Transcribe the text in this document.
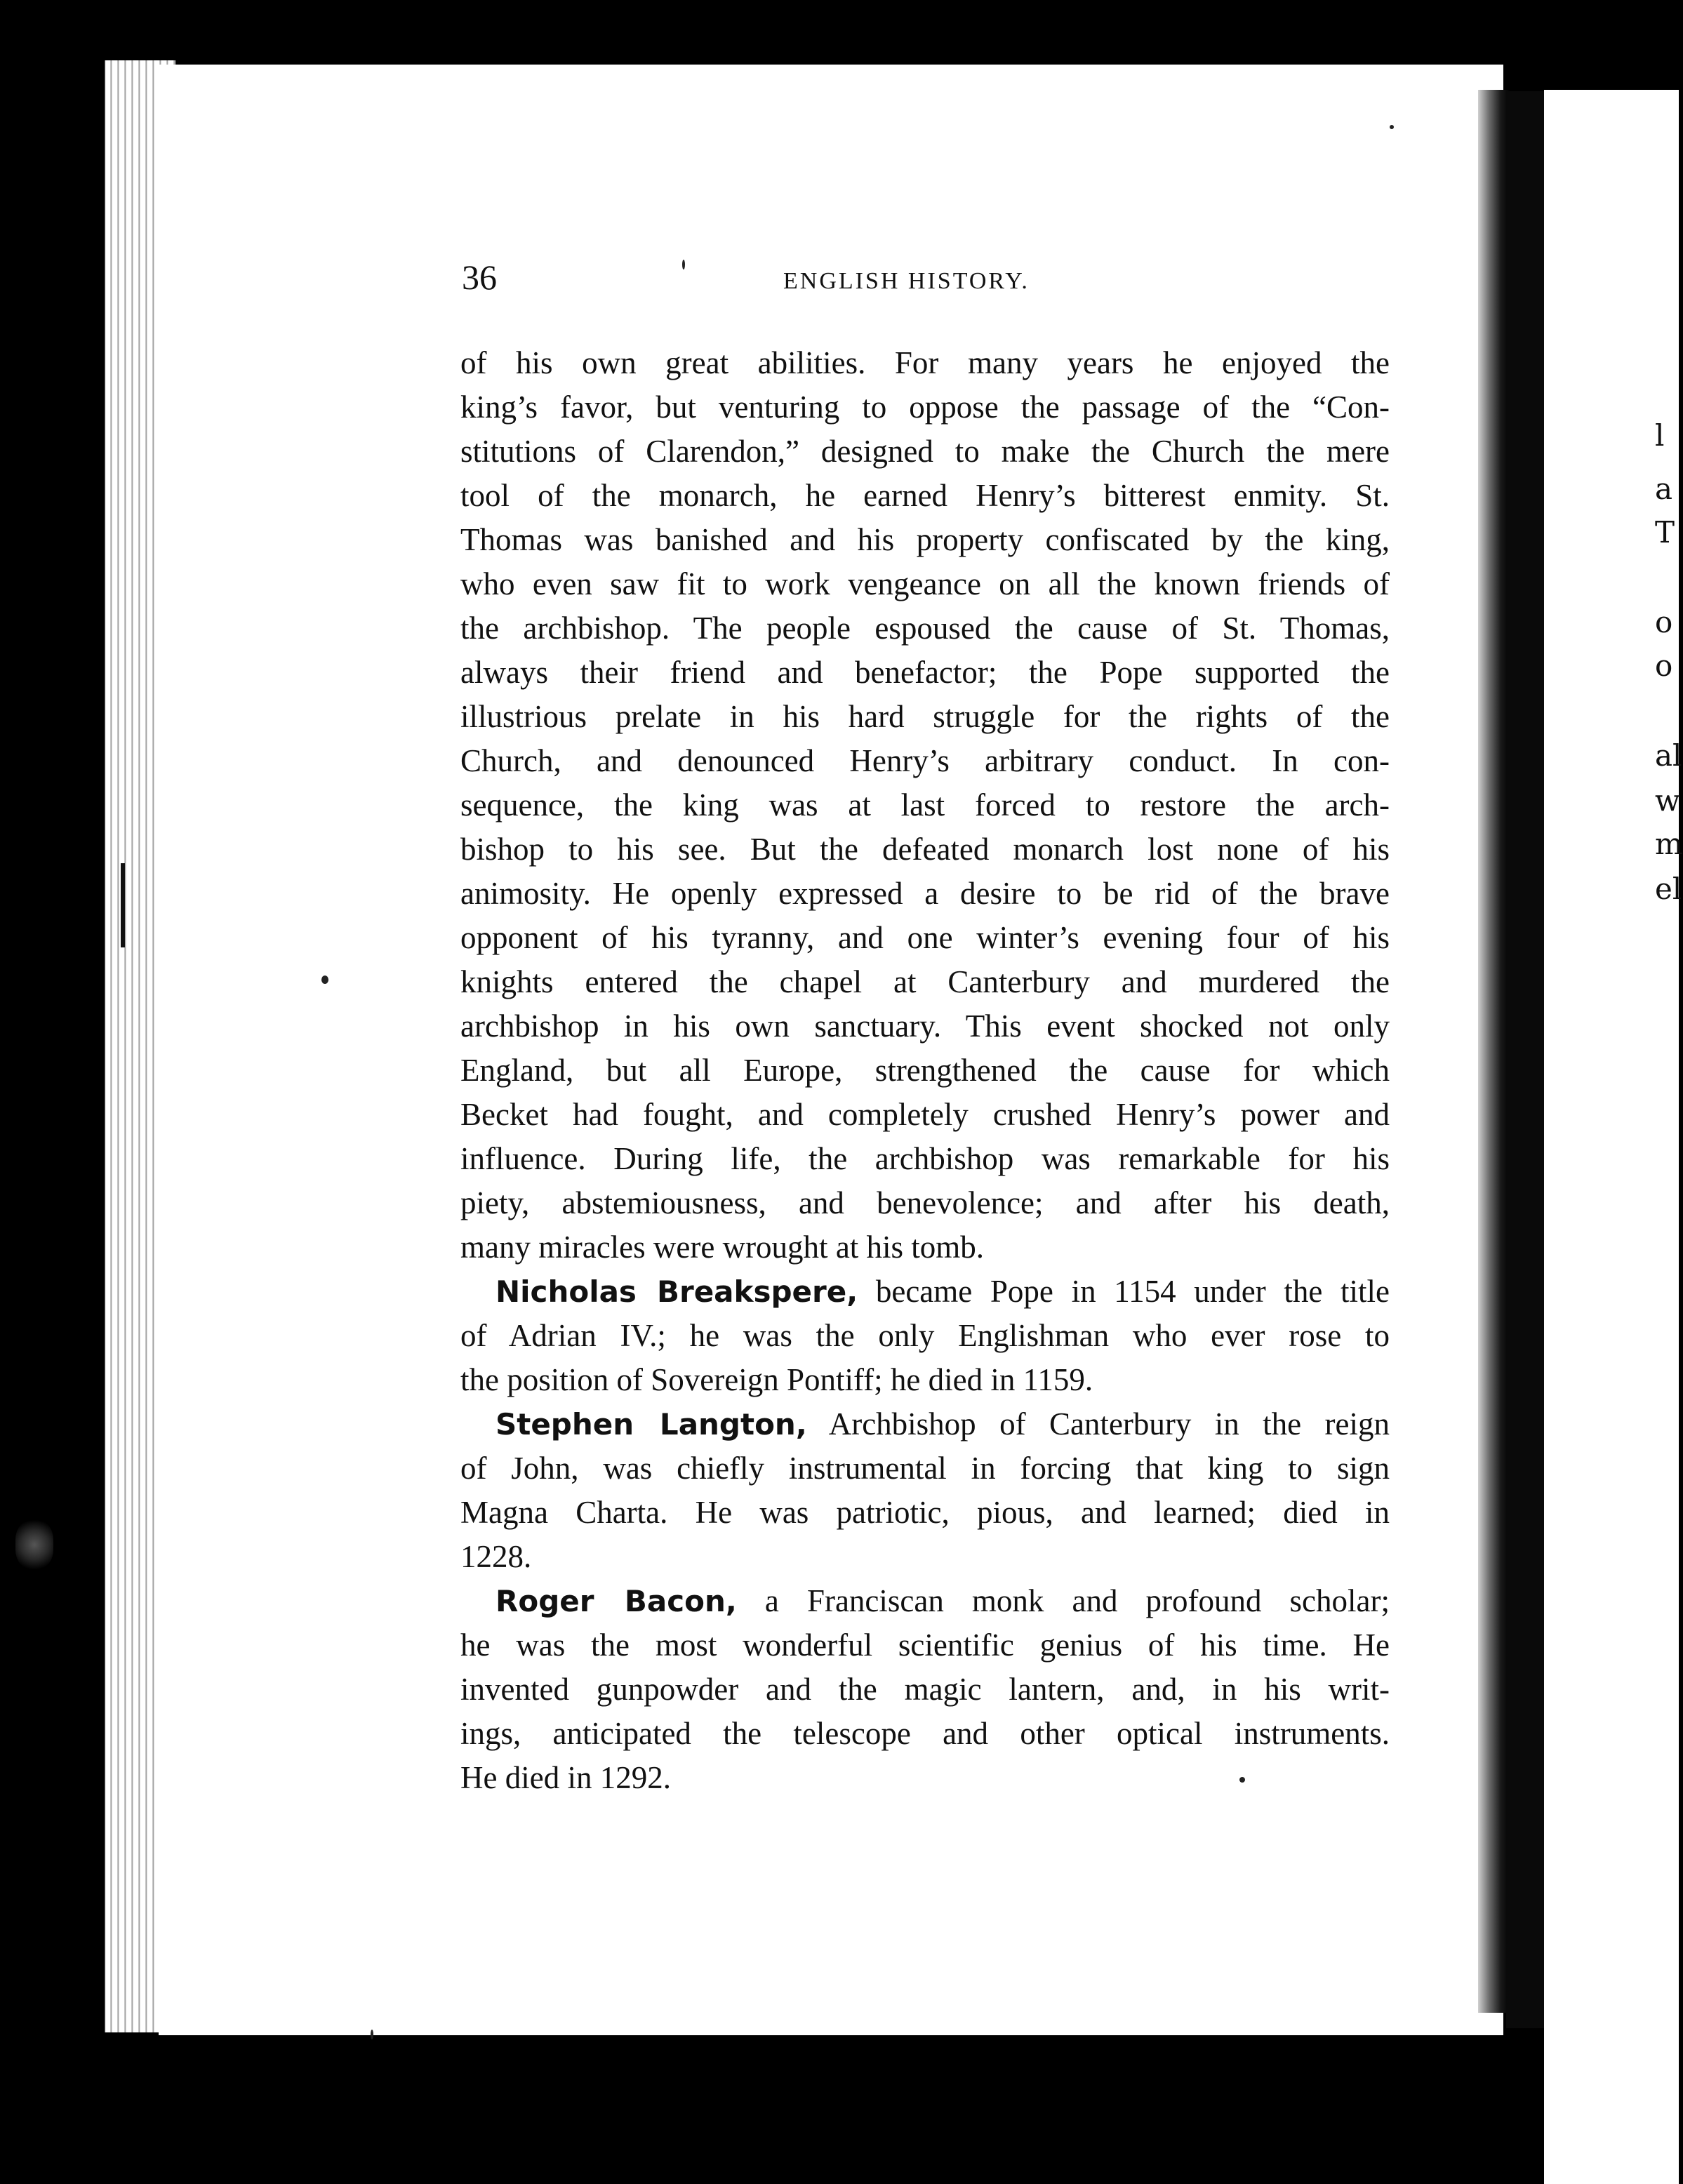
l
a
T
o
o
al
w
m
el
36	ENGLISH HISTORY.
of his own great abilities. For many years he enjoyed the
king’s favor, but venturing to oppose the passage of the “Con-
stitutions of Clarendon,” designed to make the Church the mere
tool of the monarch, he earned Henry’s bitterest enmity. St.
Thomas was banished and his property confiscated by the king,
who even saw fit to work vengeance on all the known friends of
the archbishop. The people espoused the cause of St. Thomas,
always their friend and benefactor; the Pope supported the
illustrious prelate in his hard struggle for the rights of the
Church, and denounced Henry’s arbitrary conduct. In con-
sequence, the king was at last forced to restore the arch-
bishop to his see. But the defeated monarch lost none of his
animosity. He openly expressed a desire to be rid of the brave
opponent of his tyranny, and one winter’s evening four of his
knights entered the chapel at Canterbury and murdered the
archbishop in his own sanctuary. This event shocked not only
England, but all Europe, strengthened the cause for which
Becket had fought, and completely crushed Henry’s power and
influence. During life, the archbishop was remarkable for his
piety, abstemiousness, and benevolence; and after his death,
many miracles were wrought at his tomb.
Nicholas Breakspere, became Pope in 1154 under the title
of Adrian IV.; he was the only Englishman who ever rose to
the position of Sovereign Pontiff; he died in 1159.
Stephen Langton, Archbishop of Canterbury in the reign
of John, was chiefly instrumental in forcing that king to sign
Magna Charta. He was patriotic, pious, and learned; died in
1228.
Roger Bacon, a Franciscan monk and profound scholar;
he was the most wonderful scientific genius of his time. He
invented gunpowder and the magic lantern, and, in his writ-
ings, anticipated the telescope and other optical instruments.
He died in 1292.
